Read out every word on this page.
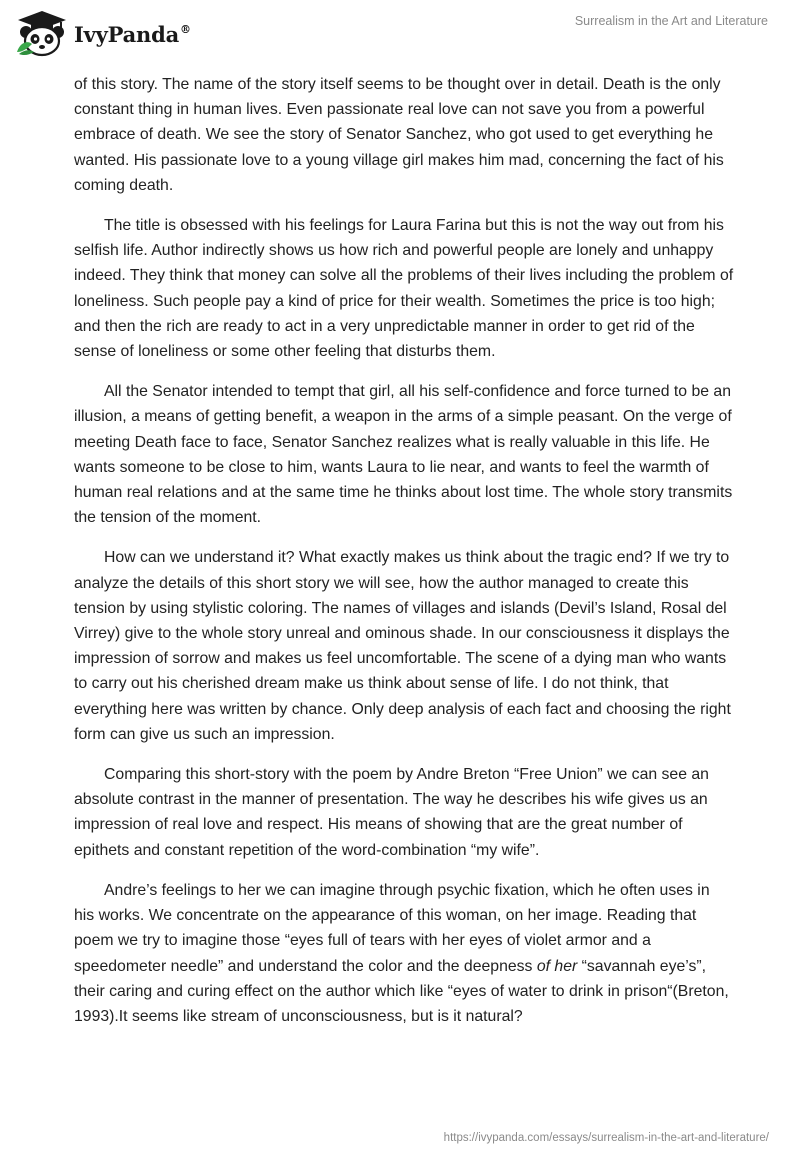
IvyPanda®
Surrealism in the Art and Literature

of this story. The name of the story itself seems to be thought over in detail. Death is the only constant thing in human lives. Even passionate real love can not save you from a powerful embrace of death. We see the story of Senator Sanchez, who got used to get everything he wanted. His passionate love to a young village girl makes him mad, concerning the fact of his coming death.

The title is obsessed with his feelings for Laura Farina but this is not the way out from his selfish life. Author indirectly shows us how rich and powerful people are lonely and unhappy indeed. They think that money can solve all the problems of their lives including the problem of loneliness. Such people pay a kind of price for their wealth. Sometimes the price is too high; and then the rich are ready to act in a very unpredictable manner in order to get rid of the sense of loneliness or some other feeling that disturbs them.

All the Senator intended to tempt that girl, all his self-confidence and force turned to be an illusion, a means of getting benefit, a weapon in the arms of a simple peasant. On the verge of meeting Death face to face, Senator Sanchez realizes what is really valuable in this life. He wants someone to be close to him, wants Laura to lie near, and wants to feel the warmth of human real relations and at the same time he thinks about lost time. The whole story transmits the tension of the moment.

How can we understand it? What exactly makes us think about the tragic end? If we try to analyze the details of this short story we will see, how the author managed to create this tension by using stylistic coloring. The names of villages and islands (Devil’s Island, Rosal del Virrey) give to the whole story unreal and ominous shade. In our consciousness it displays the impression of sorrow and makes us feel uncomfortable. The scene of a dying man who wants to carry out his cherished dream make us think about sense of life. I do not think, that everything here was written by chance. Only deep analysis of each fact and choosing the right form can give us such an impression.

Comparing this short-story with the poem by Andre Breton “Free Union” we can see an absolute contrast in the manner of presentation. The way he describes his wife gives us an impression of real love and respect. His means of showing that are the great number of epithets and constant repetition of the word-combination “my wife”.

Andre’s feelings to her we can imagine through psychic fixation, which he often uses in his works. We concentrate on the appearance of this woman, on her image. Reading that poem we try to imagine those “eyes full of tears with her eyes of violet armor and a speedometer needle” and understand the color and the deepness of her “savannah eye’s”, their caring and curing effect on the author which like “eyes of water to drink in prison“(Breton, 1993).It seems like stream of unconsciousness, but is it natural?

https://ivypanda.com/essays/surrealism-in-the-art-and-literature/
